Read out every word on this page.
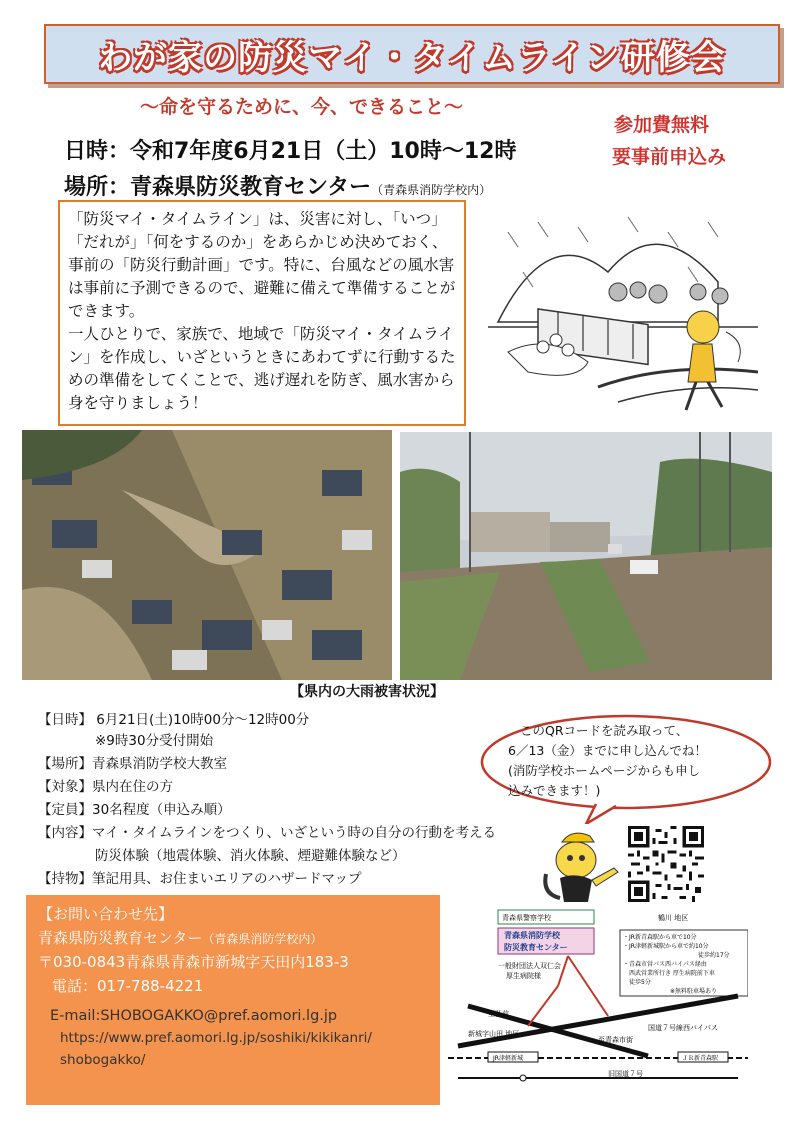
わが家の防災マイ・タイムライン研修会
～命を守るために、今、できること～
参加費無料
要事前申込み
日時：令和7年度6月21日（土）10時～12時
場所：青森県防災教育センター（青森県消防学校内）

「防災マイ・タイムライン」は、災害に対し、「いつ」「だれが」「何をするのか」をあらかじめ決めておく、事前の「防災行動計画」です。特に、台風などの風水害は事前に予測できるので、避難に備えて準備することができます。

一人ひとりで、家族で、地域で「防災マイ・タイムライン」を作成し、いざというときにあわてずに行動するための準備をしてくことで、逃げ遅れを防ぎ、風水害から身を守りましょう！

【県内の大雨被害状況】
【日時】 6月21日(土)10時00分～12時00分
※9時30分受付開始
【場所】青森県消防学校大教室
【対象】県内在住の方
【定員】30名程度（申込み順）
【内容】マイ・タイムラインをつくり、いざという時の自分の行動を考える
防災体験（地震体験、消火体験、煙避難体験など）
【持物】筆記用具、お住まいエリアのハザードマップ
このQRコードを読み取って、
6／13（金）までに申し込んでね！
(消防学校ホームページからも申し
込みできます！)
【お問い合わせ先】
青森県防災教育センター（青森県消防学校内）
〒030-0843青森県青森市新城字天田内183-3
電話：017-788-4221
E-mail:SHOBOGAKKO@pref.aomori.lg.jp
https://www.pref.aomori.lg.jp/soshiki/kikikanri/
shobogakko/
青森県警察学校
青森県消防学校
防災教育センター
鶴川 地区
・JR新青森駅から車で10分
・JR津軽新城駅から車で約10分
徒歩約17分
・青森市営バス西バイパス経由
西武営業所行き 厚生病院前下車
徒歩5分
※無料駐車場あり
一般財団法人双仁会
厚生病院様
至弘前
至青森市街
国道７号線西バイパス
新城字山田 地区
JR津軽新城	ＪＲ新青森駅
旧国道７号
